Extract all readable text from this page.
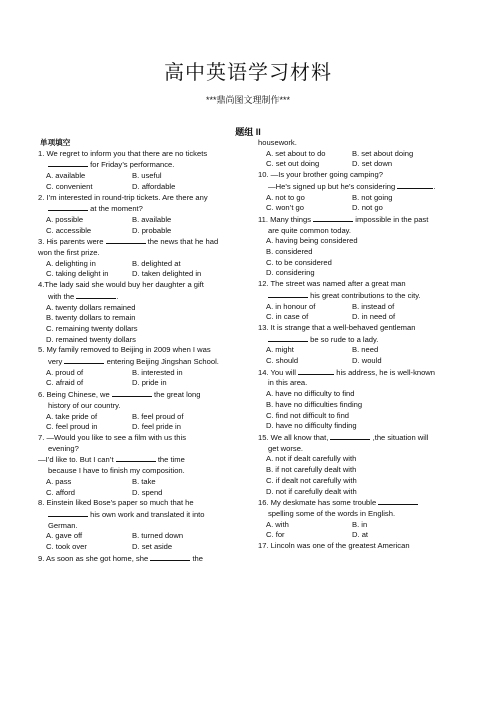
高中英语学习材料
***鼎尚图文理制作***
题组 II
单项填空
1. We regret to inform you that there are no tickets
for Friday’s performance.
A. available	B. useful
C. convenient	D. affordable
2. I’m interested in round-trip tickets. Are there any
at the moment?
A. possible	B. available
C. accessible	D. probable
3. His parents were	the news that he had
won the first prize.
A. delighting in	B. delighted at
C. taking delight in	D. taken delighted in
4.The lady said she would buy her daughter a gift
with the	.
A. twenty dollars remained
B. twenty dollars to remain
C. remaining twenty dollars
D. remained twenty dollars
5. My family removed to Beijing in 2009 when I was
very	entering Beijing Jingshan School.
A. proud of	B. interested in
C. afraid of	D. pride in
6. Being Chinese, we	the great long
history of our country.
A. take pride of	B. feel proud of
C. feel proud in	D. feel pride in
7. —Would you like to see a film with us this
evening?
—I’d like to. But I can’t	the time
because I have to finish my composition.
A. pass	B. take
C. afford	D. spend
8. Einstein liked Bose’s paper so much that he
his own work and translated it into
German.
A. gave off	B. turned down
C. took over	D. set aside
9. As soon as she got home, she	the
housework.
A. set about to do	B. set about doing
C. set out doing	D. set down
10. —Is your brother going camping?
—He’s signed up but he’s considering	.
A. not to go	B. not going
C. won’t go	D. not go
11. Many things	impossible in the past
are quite common today.
A. having being considered
B. considered
C. to be considered
D. considering
12. The street was named after a great man
his great contributions to the city.
A. in honour of	B. instead of
C. in case of	D. in need of
13. It is strange that a well-behaved gentleman
be so rude to a lady.
A. might	B. need
C. should	D. would
14. You will	his address, he is well-known
in this area.
A. have no difficulty to find
B. have no difficulties finding
C. find not difficult to find
D. have no difficulty finding
15. We all know that,	,the situation will
get worse.
A. not if dealt carefully with
B. if not carefully dealt with
C. if dealt not carefully with
D. not if carefully dealt with
16. My deskmate has some trouble
spelling some of the words in English.
A. with	B. in
C. for	D. at
17. Lincoln was one of the greatest American
